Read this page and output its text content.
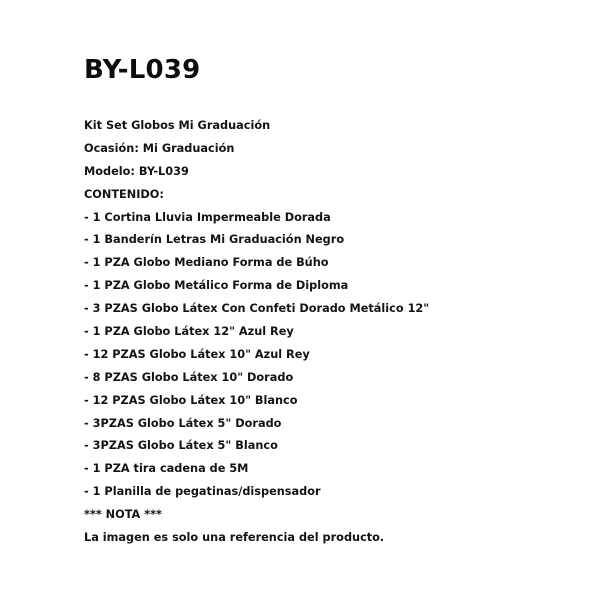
BY-L039
Kit Set Globos Mi Graduación
Ocasión: Mi Graduación
Modelo: BY-L039
CONTENIDO:
- 1 Cortina Lluvia Impermeable Dorada
- 1 Banderín Letras Mi Graduación Negro
- 1 PZA Globo Mediano Forma de Búho
- 1 PZA Globo Metálico Forma de Diploma
- 3 PZAS Globo Látex Con Confeti Dorado Metálico 12"
- 1 PZA Globo Látex 12" Azul Rey
- 12 PZAS Globo Látex 10" Azul Rey
- 8 PZAS Globo Látex 10" Dorado
- 12 PZAS Globo Látex 10" Blanco
- 3PZAS Globo Látex 5" Dorado
- 3PZAS Globo Látex 5" Blanco
- 1 PZA tira cadena de 5M
- 1 Planilla de pegatinas/dispensador
*** NOTA ***
La imagen es solo una referencia del producto.
